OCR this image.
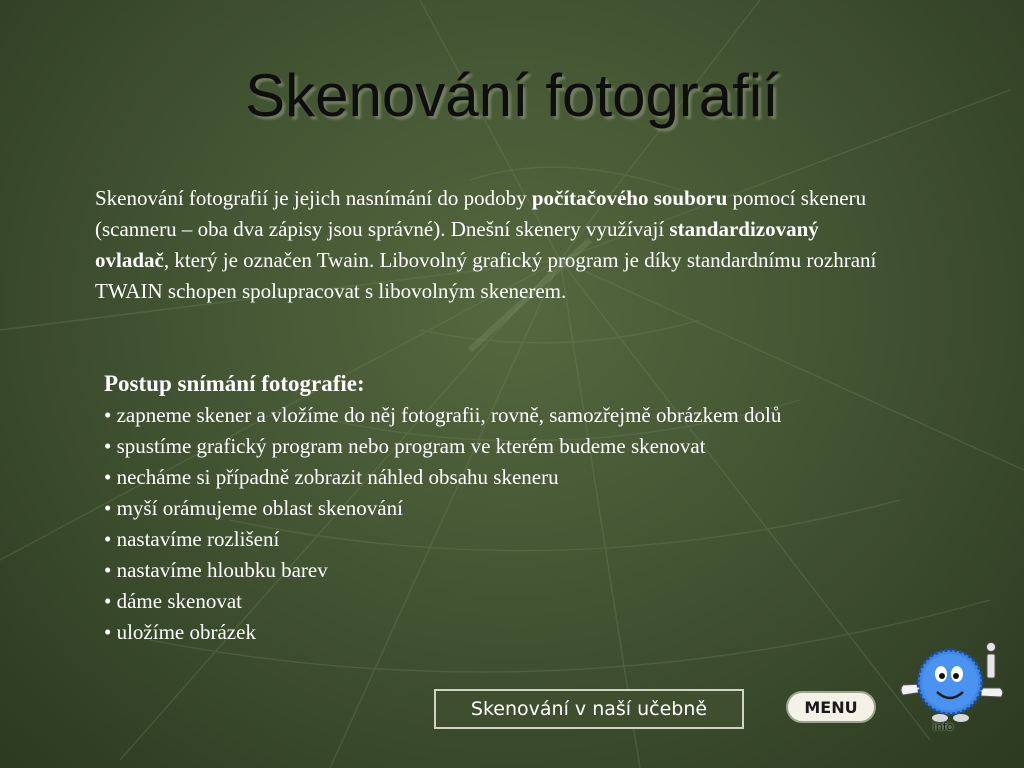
Skenování fotografií

Skenování fotografií je jejich nasnímání do podoby počítačového souboru pomocí skeneru (scanneru – oba dva zápisy jsou správné). Dnešní skenery využívají standardizovaný ovladač, který je označen Twain. Libovolný grafický program je díky standardnímu rozhraní TWAIN schopen spolupracovat s libovolným skenerem.

Postup snímání fotografie:
• zapneme skener a vložíme do něj fotografii, rovně, samozřejmě obrázkem dolů
• spustíme grafický program nebo program ve kterém budeme skenovat
• necháme si případně zobrazit náhled obsahu skeneru
• myší orámujeme oblast skenování
• nastavíme rozlišení
• nastavíme hloubku barev
• dáme skenovat
• uložíme obrázek
Skenování v naší učebně	MENU
info
